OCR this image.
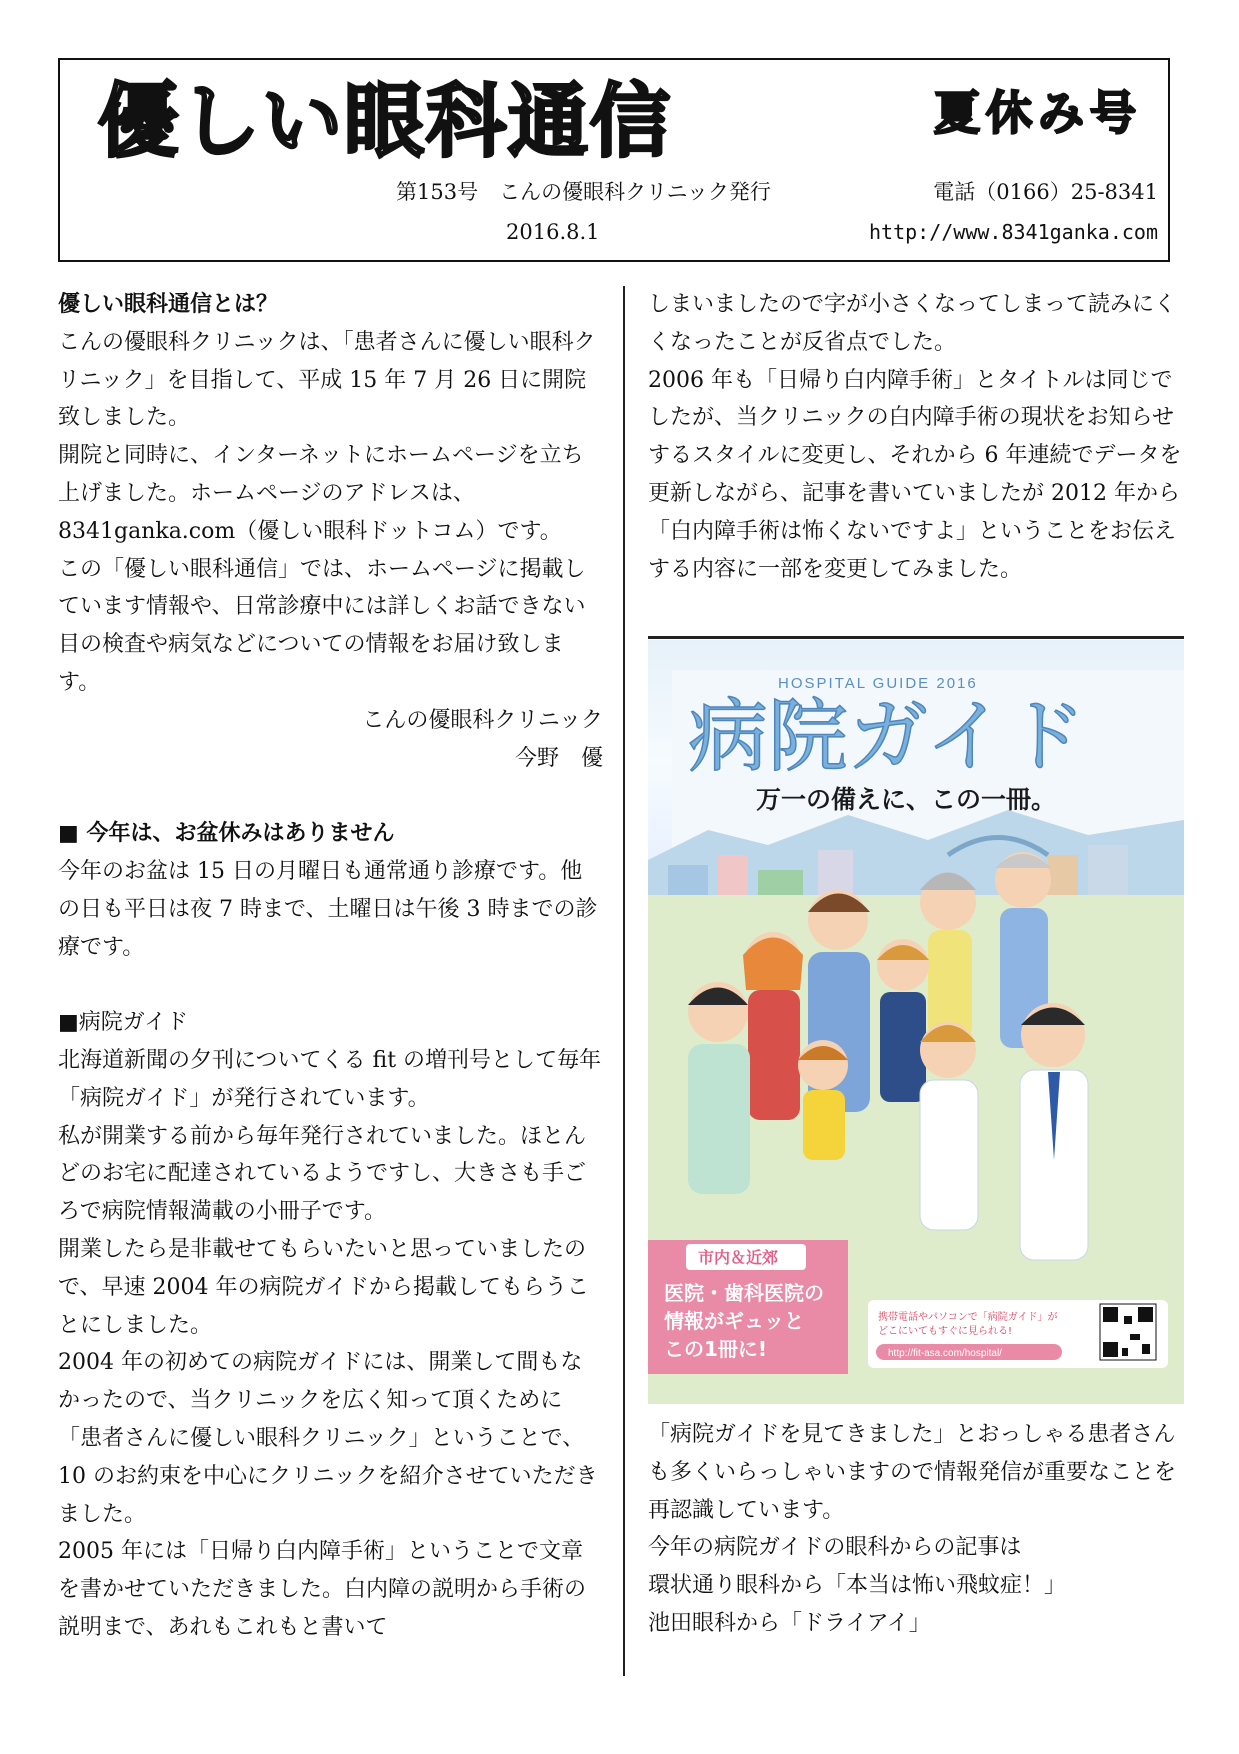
優しい眼科通信	夏休み号
第153号　こんの優眼科クリニック発行	電話（0166）25-8341
2016.8.1	http://www.8341ganka.com

優しい眼科通信とは？

こんの優眼科クリニックは、「患者さんに優しい眼科クリニック」を目指して、平成 15 年 7 月 26 日に開院致しました。

開院と同時に、インターネットにホームページを立ち上げました。ホームページのアドレスは、8341ganka.com（優しい眼科ドットコム）です。

この「優しい眼科通信」では、ホームページに掲載しています情報や、日常診療中には詳しくお話できない目の検査や病気などについての情報をお届け致します。

こんの優眼科クリニック

今野　優

■ 今年は、お盆休みはありません

今年のお盆は 15 日の月曜日も通常通り診療です。他の日も平日は夜 7 時まで、土曜日は午後 3 時までの診療です。

■病院ガイド

北海道新聞の夕刊についてくる fit の増刊号として毎年「病院ガイド」が発行されています。

私が開業する前から毎年発行されていました。ほとんどのお宅に配達されているようですし、大きさも手ごろで病院情報満載の小冊子です。

開業したら是非載せてもらいたいと思っていましたので、早速 2004 年の病院ガイドから掲載してもらうことにしました。

2004 年の初めての病院ガイドには、開業して間もなかったので、当クリニックを広く知って頂くために「患者さんに優しい眼科クリニック」ということで、10 のお約束を中心にクリニックを紹介させていただきました。

2005 年には「日帰り白内障手術」ということで文章を書かせていただきました。白内障の説明から手術の説明まで、あれもこれもと書いて

しまいましたので字が小さくなってしまって読みにくくなったことが反省点でした。

2006 年も「日帰り白内障手術」とタイトルは同じでしたが、当クリニックの白内障手術の現状をお知らせするスタイルに変更し、それから 6 年連続でデータを更新しながら、記事を書いていましたが 2012 年から「白内障手術は怖くないですよ」ということをお伝えする内容に一部を変更してみました。

HOSPITAL GUIDE 2016
病院ガイド
万一の備えに、この一冊。
市内＆近郊
医院・歯科医院の
情報がギュッと
この1冊に!
携帯電話やパソコンで「病院ガイド」が
どこにいてもすぐに見られる!
http://fit-asa.com/hospital/

「病院ガイドを見てきました」とおっしゃる患者さんも多くいらっしゃいますので情報発信が重要なことを再認識しています。

今年の病院ガイドの眼科からの記事は

環状通り眼科から「本当は怖い飛蚊症！」

池田眼科から「ドライアイ」
